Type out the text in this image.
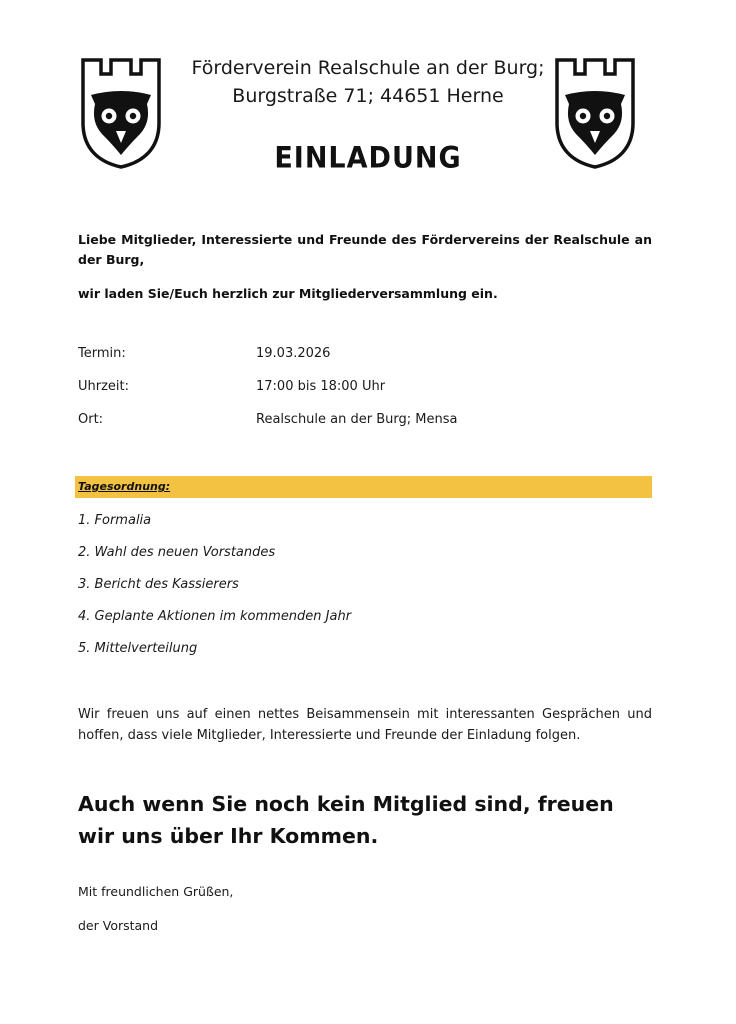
Förderverein Realschule an der Burg;
Burgstraße 71; 44651 Herne
EINLADUNG
Liebe Mitglieder, Interessierte und Freunde des Fördervereins der Realschule an der Burg,
wir laden Sie/Euch herzlich zur Mitgliederversammlung ein.
Termin:	19.03.2026
Uhrzeit:	17:00 bis 18:00 Uhr
Ort:	Realschule an der Burg; Mensa
Tagesordnung:
1. Formalia
2. Wahl des neuen Vorstandes
3. Bericht des Kassierers
4. Geplante Aktionen im kommenden Jahr
5. Mittelverteilung
Wir freuen uns auf einen nettes Beisammensein mit interessanten Gesprächen und hoffen, dass viele Mitglieder, Interessierte und Freunde der Einladung folgen.
Auch wenn Sie noch kein Mitglied sind, freuen wir uns über Ihr Kommen.
Mit freundlichen Grüßen,
der Vorstand
